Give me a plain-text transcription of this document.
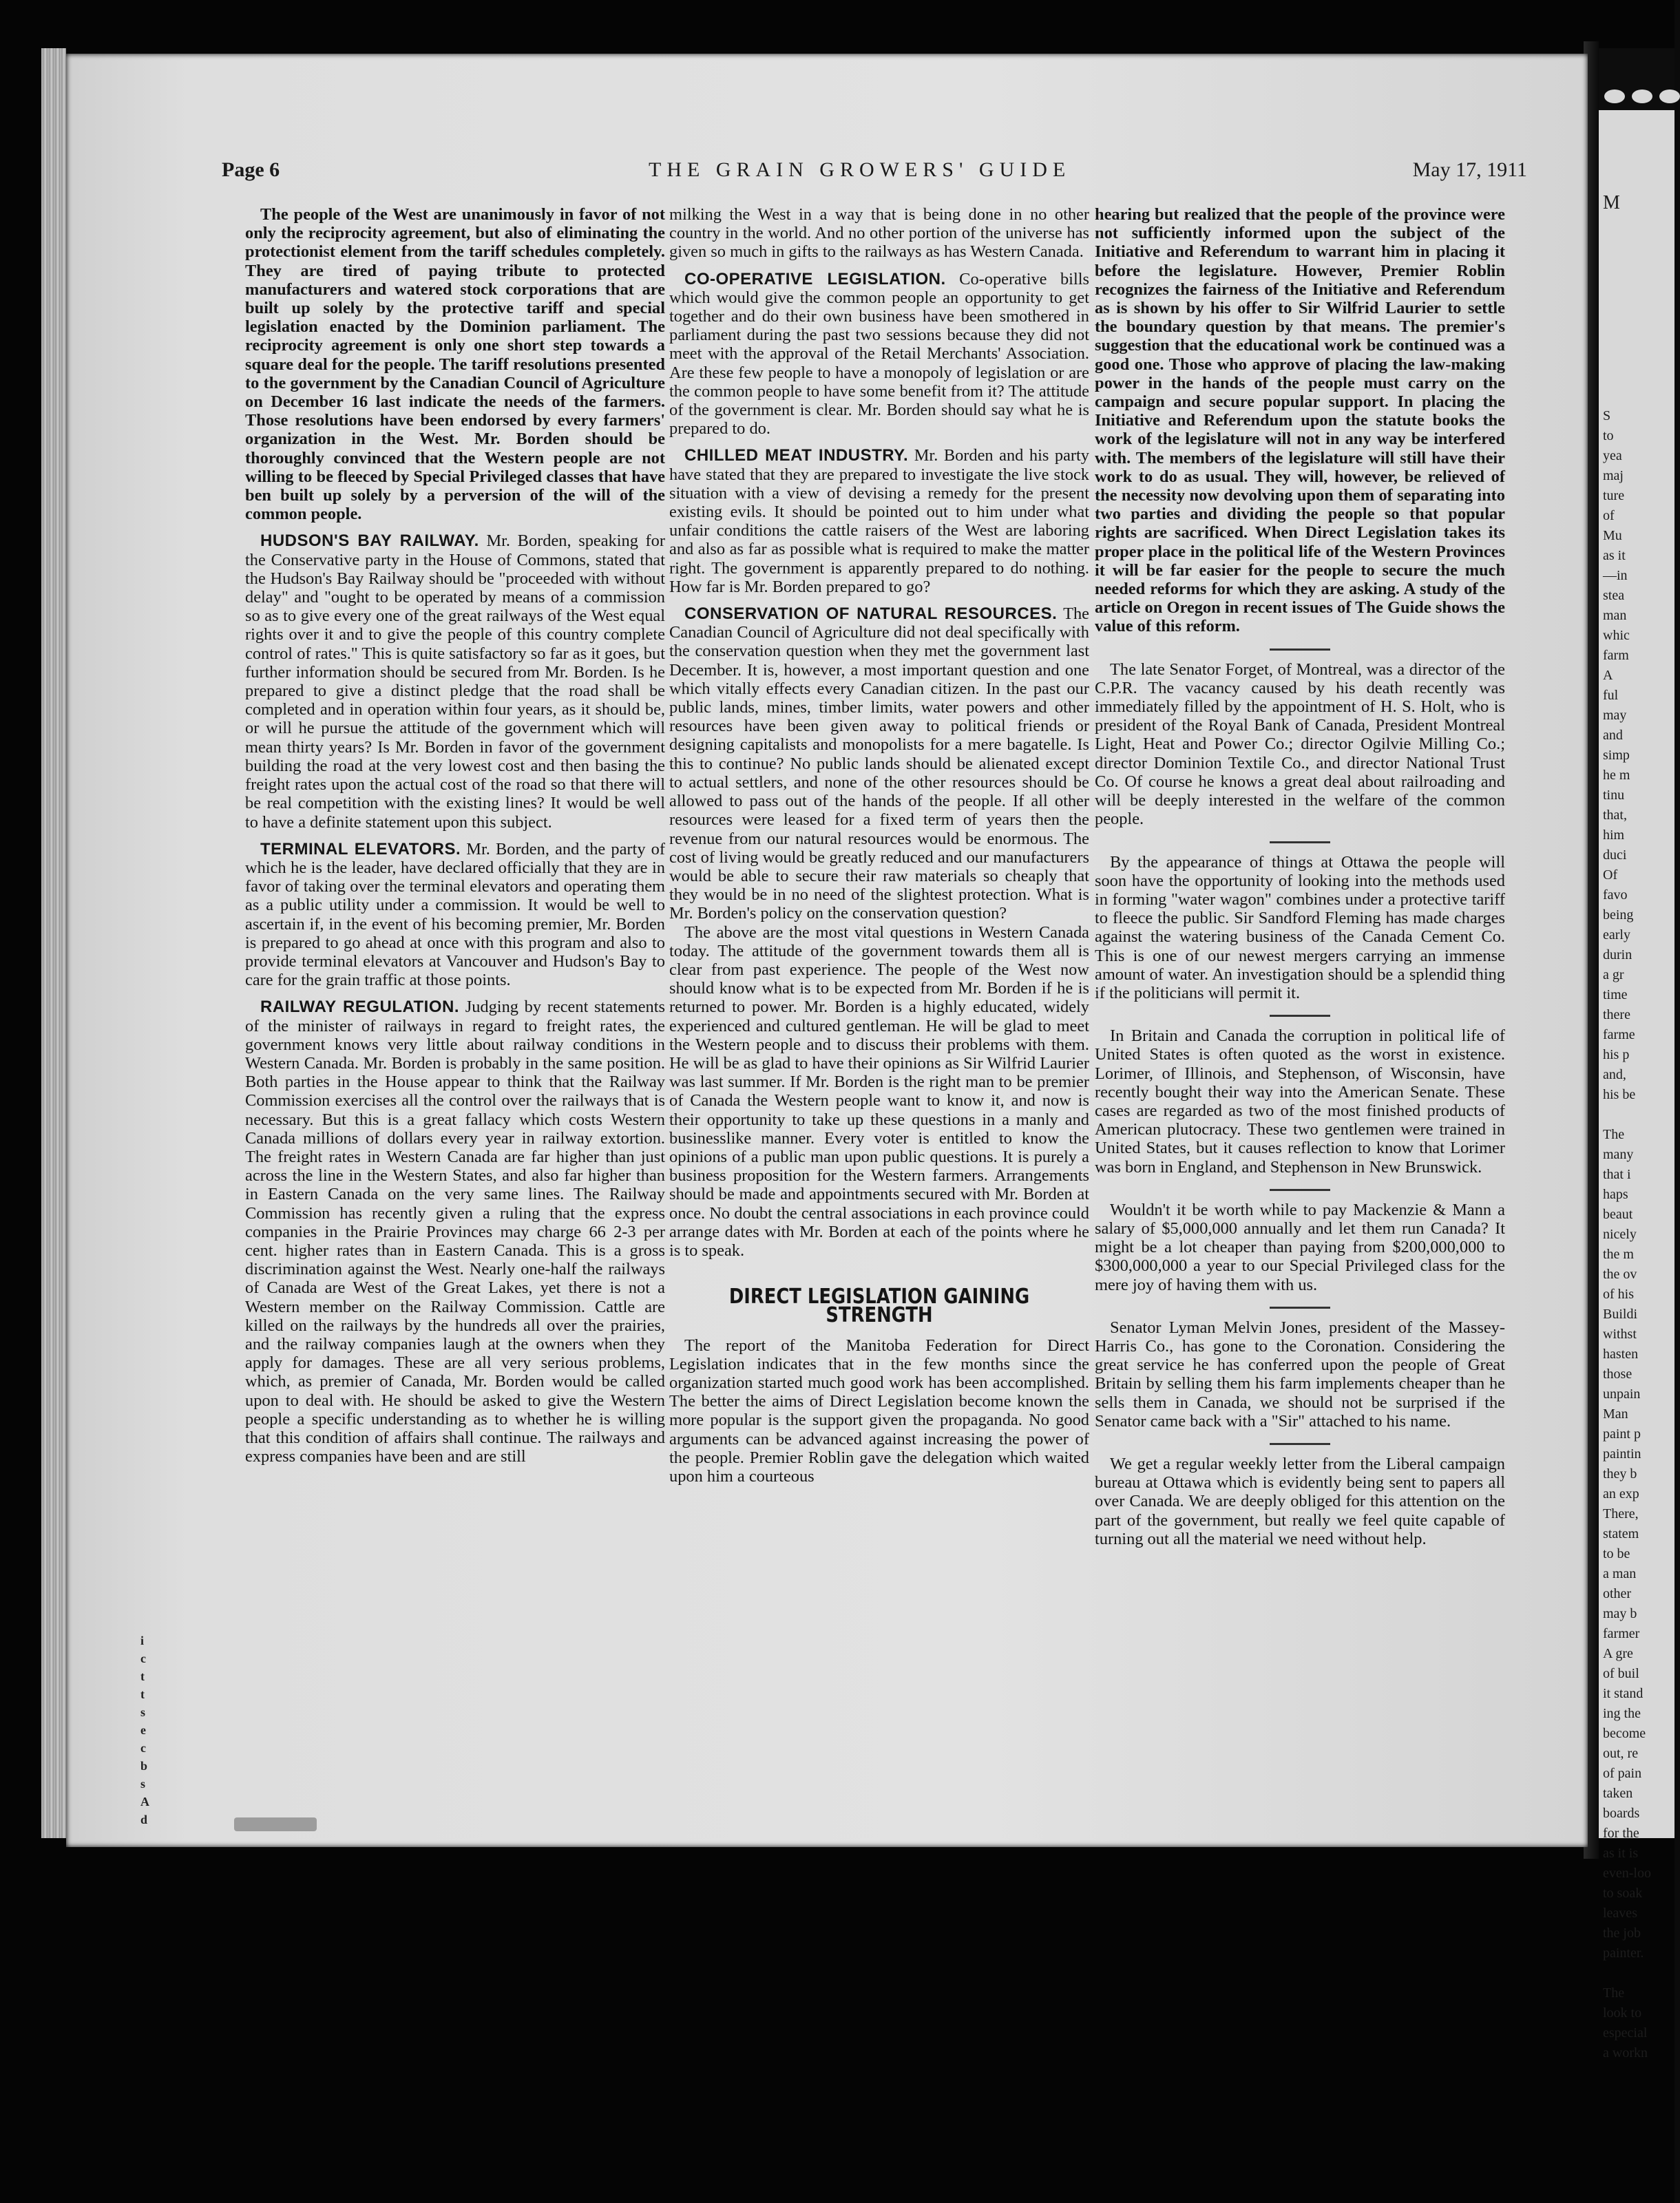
M
S
to
yea
maj
ture
of
Mu
as it
—in
stea
man
whic
farm
A
ful
may
and
simp
he m
tinu
that,
him
duci
Of
favo
being
early
durin
a gr
time
there
farme
his p
and,
his be

The
many
that i
haps
beaut
nicely
the m
the ov
of his
Buildi
withst
hasten
those
unpain
Man
paint p
paintin
they b
an exp
There,
statem
to be
a man
other
may b
farmer
A gre
of buil
it stand
ing the
become
out, re
of pain
taken
boards
for the
as it is
even-loo
to soak
leaves
the job
painter.

The
look to
especial
a workn
Page 6	THE GRAIN GROWERS' GUIDE	May 17, 1911

The people of the West are unanimously in favor of not only the reciprocity agreement, but also of eliminating the protectionist element from the tariff schedules completely. They are tired of paying tribute to protected manufacturers and watered stock corporations that are built up solely by the protective tariff and special legislation enacted by the Dominion parliament. The reciprocity agreement is only one short step towards a square deal for the people. The tariff resolutions presented to the government by the Canadian Council of Agriculture on December 16 last indicate the needs of the farmers. Those resolutions have been endorsed by every farmers' organization in the West. Mr. Borden should be thoroughly convinced that the Western people are not willing to be fleeced by Special Privileged classes that have ben built up solely by a perversion of the will of the common people.

HUDSON'S BAY RAILWAY. Mr. Borden, speaking for the Conservative party in the House of Commons, stated that the Hudson's Bay Railway should be "proceeded with without delay" and "ought to be operated by means of a commission so as to give every one of the great railways of the West equal rights over it and to give the people of this country complete control of rates." This is quite satisfactory so far as it goes, but further information should be secured from Mr. Borden. Is he prepared to give a distinct pledge that the road shall be completed and in operation within four years, as it should be, or will he pursue the attitude of the government which will mean thirty years? Is Mr. Borden in favor of the government building the road at the very lowest cost and then basing the freight rates upon the actual cost of the road so that there will be real competition with the existing lines? It would be well to have a definite statement upon this subject.

TERMINAL ELEVATORS. Mr. Borden, and the party of which he is the leader, have declared officially that they are in favor of taking over the terminal elevators and operating them as a public utility under a commission. It would be well to ascertain if, in the event of his becoming premier, Mr. Borden is prepared to go ahead at once with this program and also to provide terminal elevators at Vancouver and Hudson's Bay to care for the grain traffic at those points.

RAILWAY REGULATION. Judging by recent statements of the minister of railways in regard to freight rates, the government knows very little about railway conditions in Western Canada. Mr. Borden is probably in the same position. Both parties in the House appear to think that the Railway Commission exercises all the control over the railways that is necessary. But this is a great fallacy which costs Western Canada millions of dollars every year in railway extortion. The freight rates in Western Canada are far higher than just across the line in the Western States, and also far higher than in Eastern Canada on the very same lines. The Railway Commission has recently given a ruling that the express companies in the Prairie Provinces may charge 66 2-3 per cent. higher rates than in Eastern Canada. This is a gross discrimination against the West. Nearly one-half the railways of Canada are West of the Great Lakes, yet there is not a Western member on the Railway Commission. Cattle are killed on the railways by the hundreds all over the prairies, and the railway companies laugh at the owners when they apply for damages. These are all very serious problems, which, as premier of Canada, Mr. Borden would be called upon to deal with. He should be asked to give the Western people a specific understanding as to whether he is willing that this condition of affairs shall continue. The railways and express companies have been and are still

milking the West in a way that is being done in no other country in the world. And no other portion of the universe has given so much in gifts to the railways as has Western Canada.

CO-OPERATIVE LEGISLATION. Co-operative bills which would give the common people an opportunity to get together and do their own business have been smothered in parliament during the past two sessions because they did not meet with the approval of the Retail Merchants' Association. Are these few people to have a monopoly of legislation or are the common people to have some benefit from it? The attitude of the government is clear. Mr. Borden should say what he is prepared to do.

CHILLED MEAT INDUSTRY. Mr. Borden and his party have stated that they are prepared to investigate the live stock situation with a view of devising a remedy for the present existing evils. It should be pointed out to him under what unfair conditions the cattle raisers of the West are laboring and also as far as possible what is required to make the matter right. The government is apparently prepared to do nothing. How far is Mr. Borden prepared to go?

CONSERVATION OF NATURAL RESOURCES. The Canadian Council of Agriculture did not deal specifically with the conservation question when they met the government last December. It is, however, a most important question and one which vitally effects every Canadian citizen. In the past our public lands, mines, timber limits, water powers and other resources have been given away to political friends or designing capitalists and monopolists for a mere bagatelle. Is this to continue? No public lands should be alienated except to actual settlers, and none of the other resources should be allowed to pass out of the hands of the people. If all other resources were leased for a fixed term of years then the revenue from our natural resources would be enormous. The cost of living would be greatly reduced and our manufacturers would be able to secure their raw materials so cheaply that they would be in no need of the slightest protection. What is Mr. Borden's policy on the conservation question?

The above are the most vital questions in Western Canada today. The attitude of the government towards them all is clear from past experience. The people of the West now should know what is to be expected from Mr. Borden if he is returned to power. Mr. Borden is a highly educated, widely experienced and cultured gentleman. He will be glad to meet the Western people and to discuss their problems with them. He will be as glad to have their opinions as Sir Wilfrid Laurier was last summer. If Mr. Borden is the right man to be premier of Canada the Western people want to know it, and now is their opportunity to take up these questions in a manly and businesslike manner. Every voter is entitled to know the opinions of a public man upon public questions. It is purely a business proposition for the Western farmers. Arrangements should be made and appointments secured with Mr. Borden at once. No doubt the central associations in each province could arrange dates with Mr. Borden at each of the points where he is to speak.

DIRECT LEGISLATION GAINING STRENGTH

The report of the Manitoba Federation for Direct Legislation indicates that in the few months since the organization started much good work has been accomplished. The better the aims of Direct Legislation become known the more popular is the support given the propaganda. No good arguments can be advanced against increasing the power of the people. Premier Roblin gave the delegation which waited upon him a courteous

hearing but realized that the people of the province were not sufficiently informed upon the subject of the Initiative and Referendum to warrant him in placing it before the legislature. However, Premier Roblin recognizes the fairness of the Initiative and Referendum as is shown by his offer to Sir Wilfrid Laurier to settle the boundary question by that means. The premier's suggestion that the educational work be continued was a good one. Those who approve of placing the law-making power in the hands of the people must carry on the campaign and secure popular support. In placing the Initiative and Referendum upon the statute books the work of the legislature will not in any way be interfered with. The members of the legislature will still have their work to do as usual. They will, however, be relieved of the necessity now devolving upon them of separating into two parties and dividing the people so that popular rights are sacrificed. When Direct Legislation takes its proper place in the political life of the Western Provinces it will be far easier for the people to secure the much needed reforms for which they are asking. A study of the article on Oregon in recent issues of The Guide shows the value of this reform.

The late Senator Forget, of Montreal, was a director of the C.P.R. The vacancy caused by his death recently was immediately filled by the appointment of H. S. Holt, who is president of the Royal Bank of Canada, President Montreal Light, Heat and Power Co.; director Ogilvie Milling Co.; director Dominion Textile Co., and director National Trust Co. Of course he knows a great deal about railroading and will be deeply interested in the welfare of the common people.

By the appearance of things at Ottawa the people will soon have the opportunity of looking into the methods used in forming "water wagon" combines under a protective tariff to fleece the public. Sir Sandford Fleming has made charges against the watering business of the Canada Cement Co. This is one of our newest mergers carrying an immense amount of water. An investigation should be a splendid thing if the politicians will permit it.

In Britain and Canada the corruption in political life of United States is often quoted as the worst in existence. Lorimer, of Illinois, and Stephenson, of Wisconsin, have recently bought their way into the American Senate. These cases are regarded as two of the most finished products of American plutocracy. These two gentlemen were trained in United States, but it causes reflection to know that Lorimer was born in England, and Stephenson in New Brunswick.

Wouldn't it be worth while to pay Mackenzie & Mann a salary of $5,000,000 annually and let them run Canada? It might be a lot cheaper than paying from $200,000,000 to $300,000,000 a year to our Special Privileged class for the mere joy of having them with us.

Senator Lyman Melvin Jones, president of the Massey-Harris Co., has gone to the Coronation. Considering the great service he has conferred upon the people of Great Britain by selling them his farm implements cheaper than he sells them in Canada, we should not be surprised if the Senator came back with a "Sir" attached to his name.

We get a regular weekly letter from the Liberal campaign bureau at Ottawa which is evidently being sent to papers all over Canada. We are deeply obliged for this attention on the part of the government, but really we feel quite capable of turning out all the material we need without help.

i
c
t
t
s
e
c
b
s
A
d
